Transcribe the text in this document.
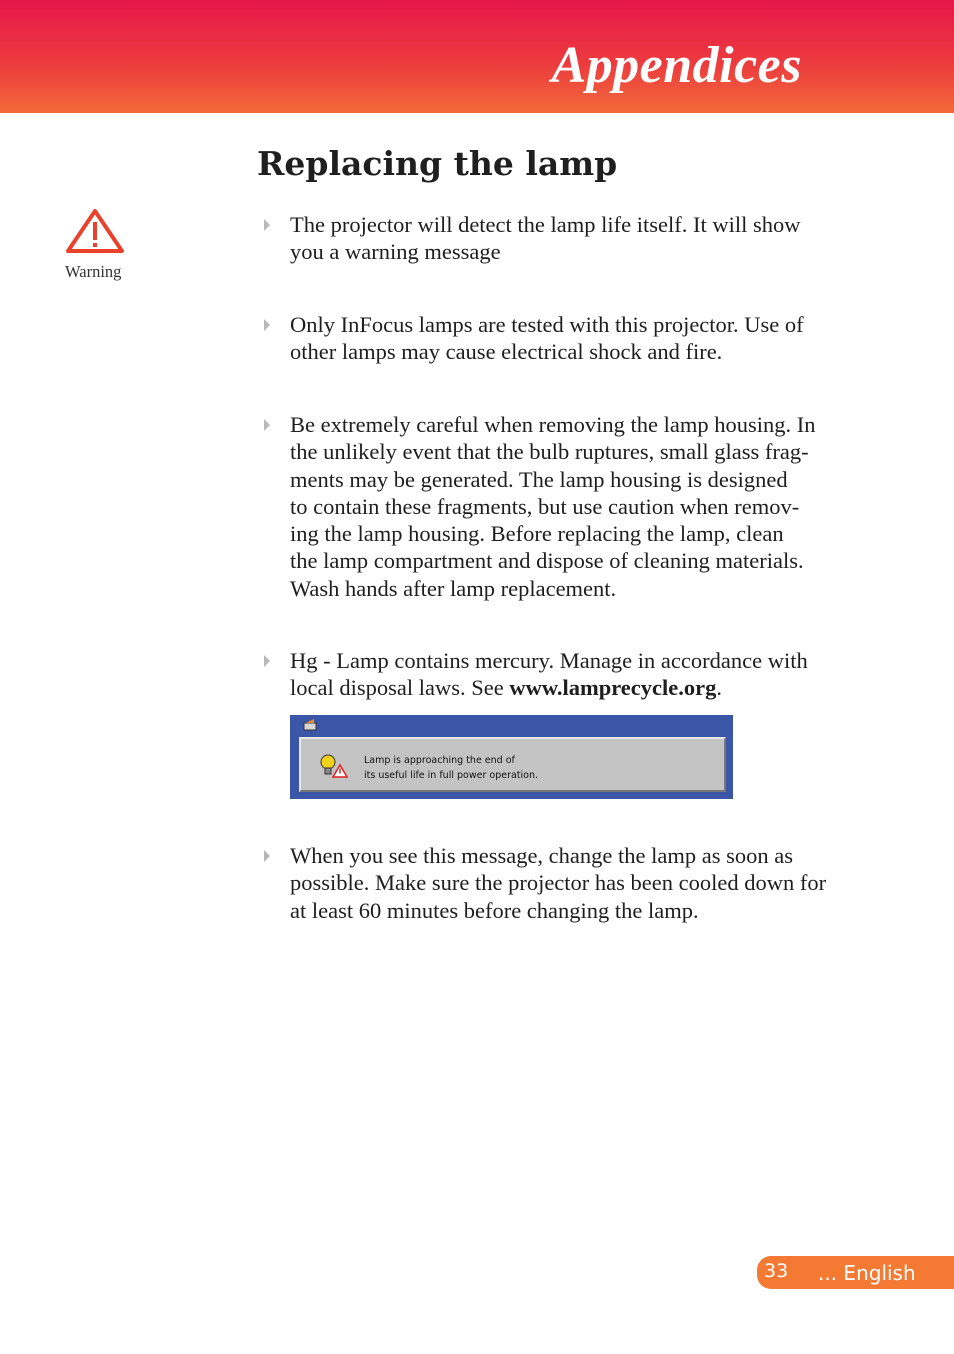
Appendices
Replacing the lamp
Warning
The projector will detect the lamp life itself. It will show
you a warning message
Only InFocus lamps are tested with this projector. Use of
other lamps may cause electrical shock and fire.
Be extremely careful when removing the lamp housing. In
the unlikely event that the bulb ruptures, small glass frag-
ments may be generated. The lamp housing is designed
to contain these fragments, but use caution when remov-
ing the lamp housing. Before replacing the lamp, clean
the lamp compartment and dispose of cleaning materials.
Wash hands after lamp replacement.
Hg - Lamp contains mercury. Manage in accordance with
local disposal laws. See www.lamprecycle.org.
Lamp is approaching the end of
its useful life in full power operation.
When you see this message, change the lamp as soon as
possible. Make sure the projector has been cooled down for
at least 60 minutes before changing the lamp.
33 ... English
